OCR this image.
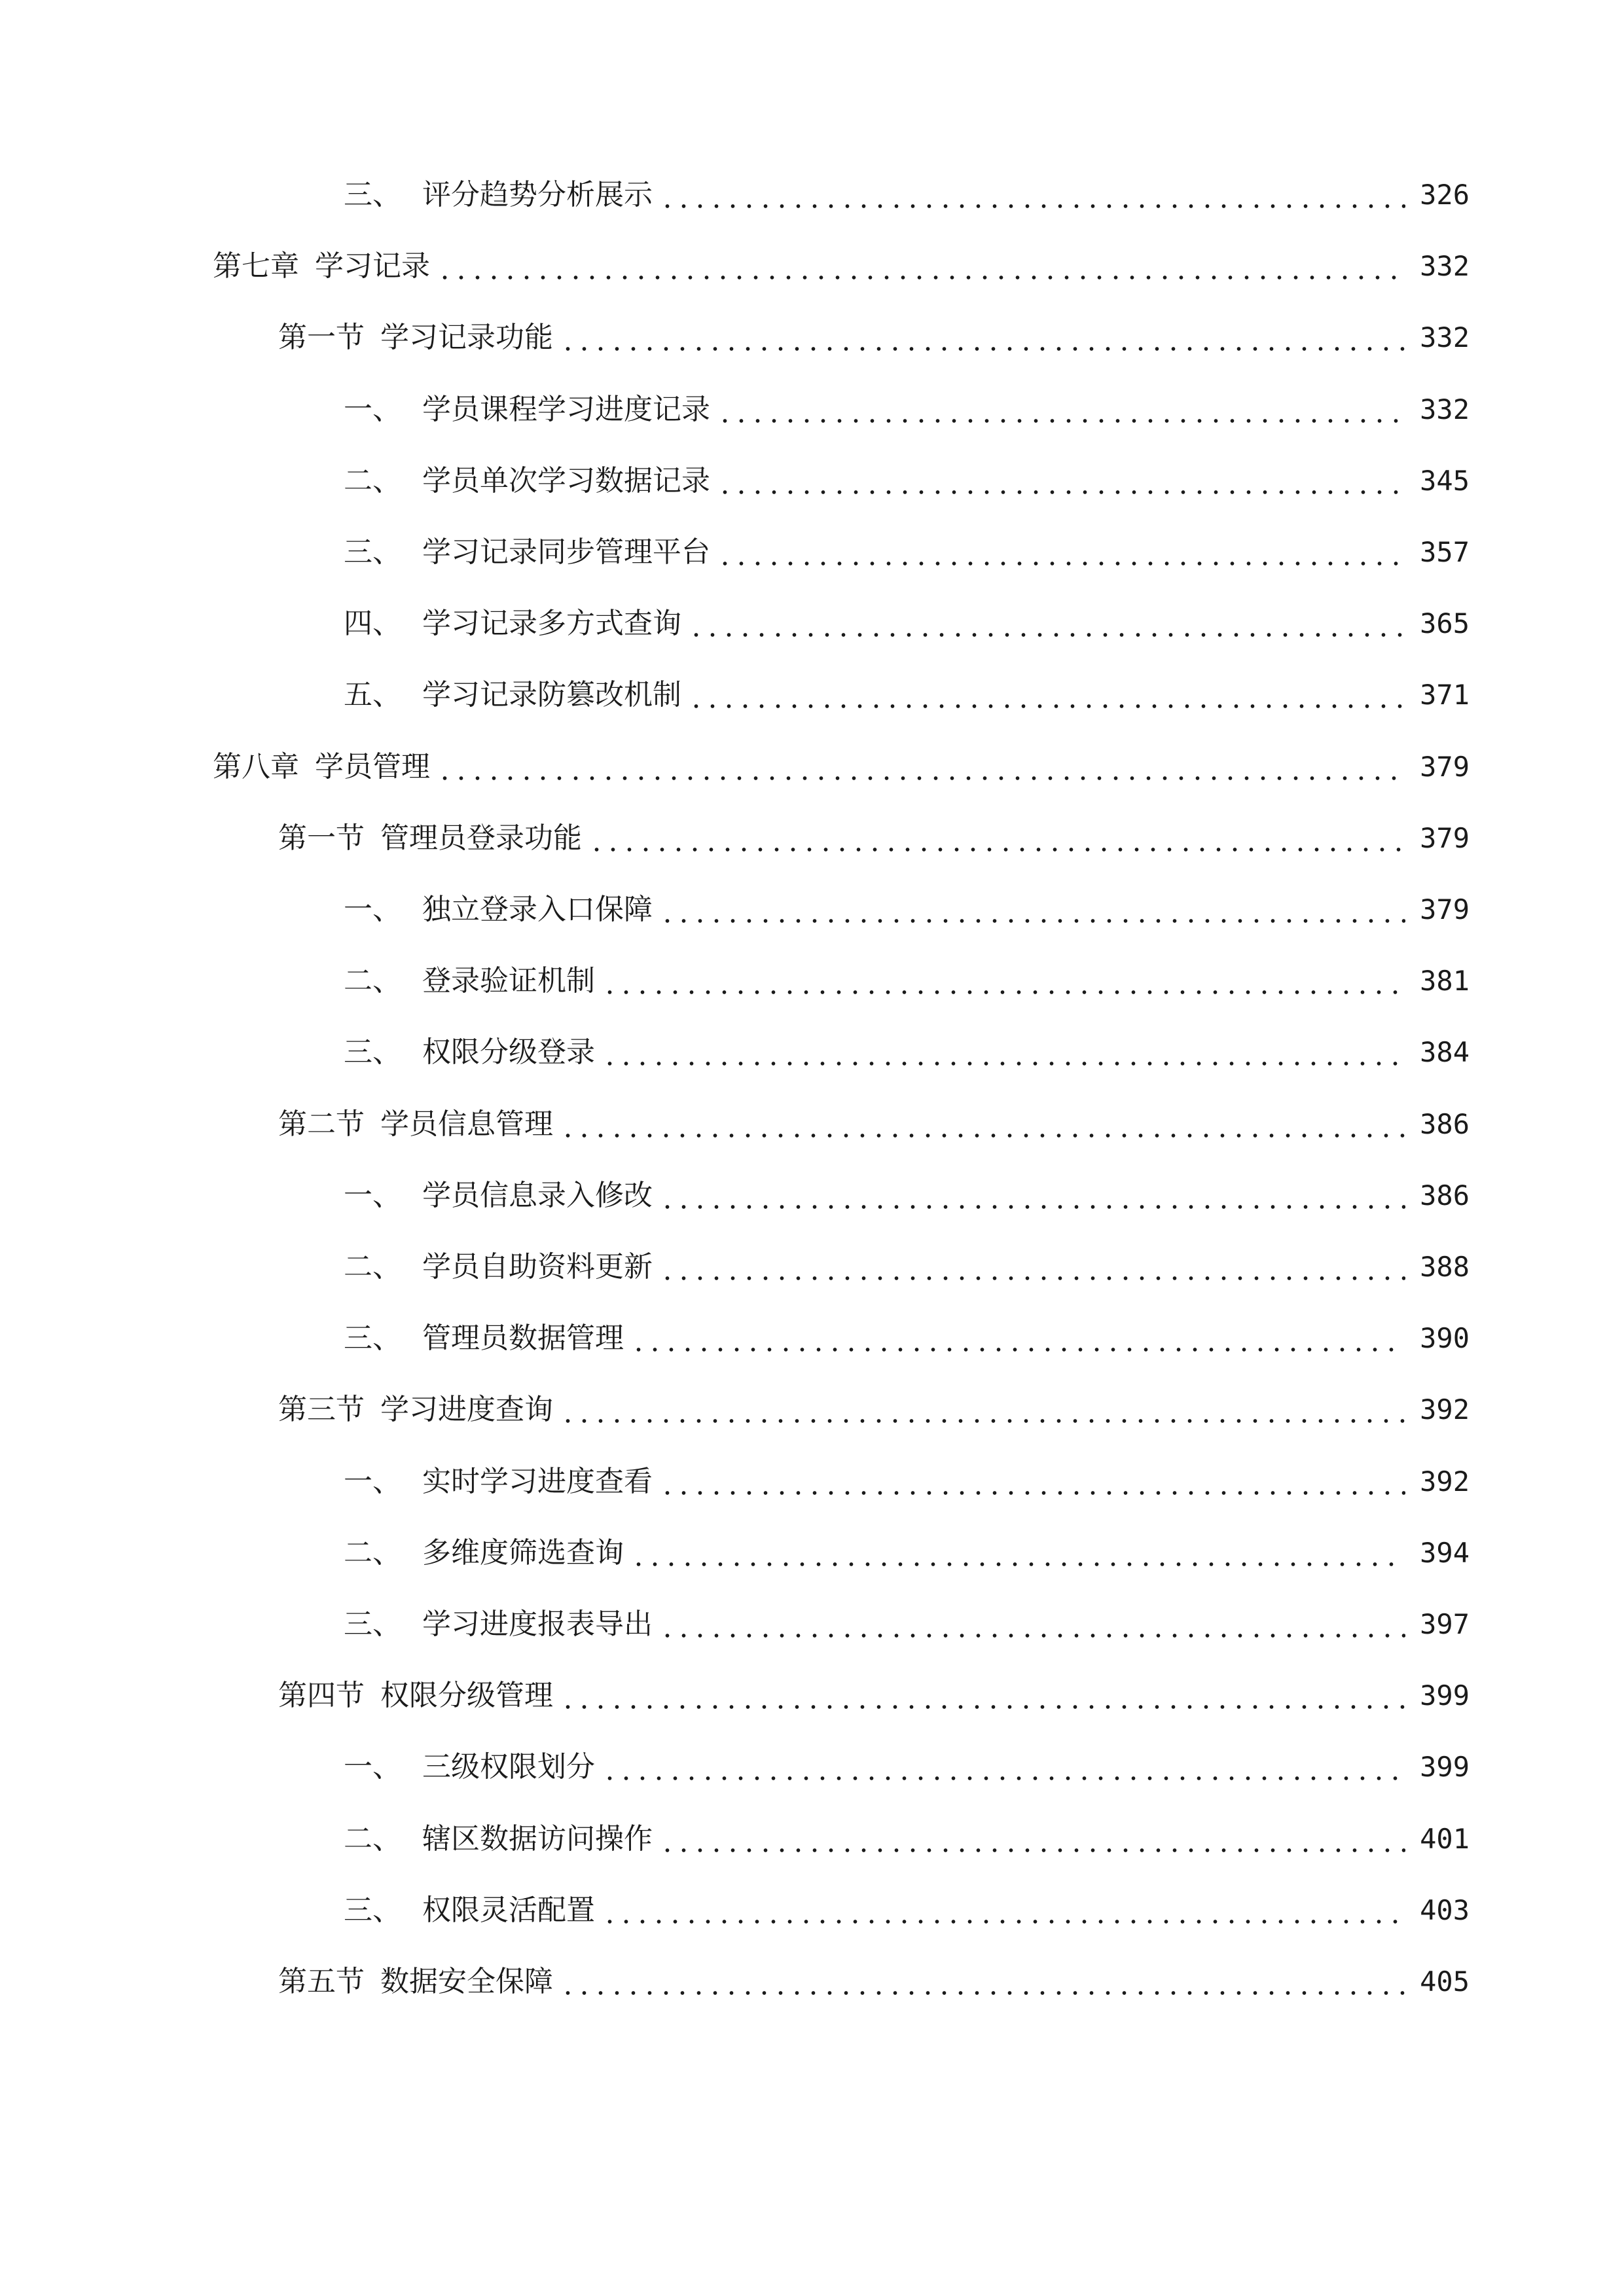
三、 评分趋势分析展示	326
第七章 学习记录	332
第一节 学习记录功能	332
一、 学员课程学习进度记录	332
二、 学员单次学习数据记录	345
三、 学习记录同步管理平台	357
四、 学习记录多方式查询	365
五、 学习记录防篡改机制	371
第八章 学员管理	379
第一节 管理员登录功能	379
一、 独立登录入口保障	379
二、 登录验证机制	381
三、 权限分级登录	384
第二节 学员信息管理	386
一、 学员信息录入修改	386
二、 学员自助资料更新	388
三、 管理员数据管理	390
第三节 学习进度查询	392
一、 实时学习进度查看	392
二、 多维度筛选查询	394
三、 学习进度报表导出	397
第四节 权限分级管理	399
一、 三级权限划分	399
二、 辖区数据访问操作	401
三、 权限灵活配置	403
第五节 数据安全保障	405
